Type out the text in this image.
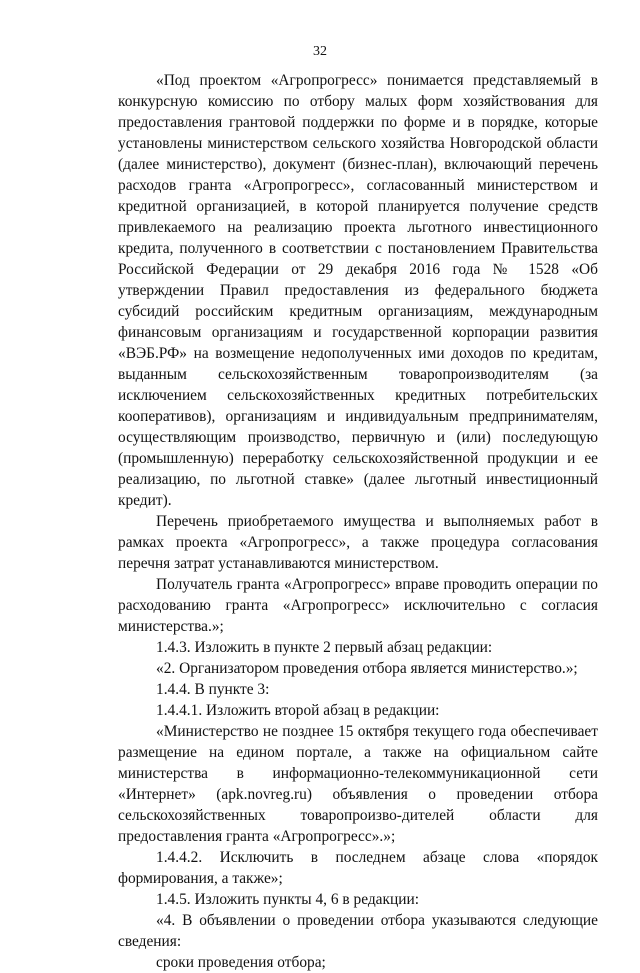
32

«Под проектом «Агропрогресс» понимается представляемый в конкурсную комиссию по отбору малых форм хозяйствования для предоставления грантовой поддержки по форме и в порядке, которые установлены министерством сельского хозяйства Новгородской области (далее министерство), документ (бизнес-план), включающий перечень расходов гранта «Агропрогресс», согласованный министерством и кредитной организацией, в которой планируется получение средств привлекаемого на реализацию проекта льготного инвестиционного кредита, полученного в соответствии с постановлением Правительства Российской Федерации от 29 декабря 2016 года № 1528 «Об утверждении Правил предоставления из федерального бюджета субсидий российским кредитным организациям, международным финансовым организациям и государственной корпорации развития «ВЭБ.РФ» на возмещение недополученных ими доходов по кредитам, выданным сельскохозяйственным товаропроизводителям (за исключением сельскохозяйственных кредитных потребительских кооперативов), организациям и индивидуальным предпринимателям, осуществляющим производство, первичную и (или) последующую (промышленную) переработку сельскохозяйственной продукции и ее реализацию, по льготной ставке» (далее льготный инвестиционный кредит).

Перечень приобретаемого имущества и выполняемых работ в рамках проекта «Агропрогресс», а также процедура согласования перечня затрат устанавливаются министерством.

Получатель гранта «Агропрогресс» вправе проводить операции по расходованию гранта «Агропрогресс» исключительно с согласия министерства.»;

1.4.3. Изложить в пункте 2 первый абзац редакции:

«2. Организатором проведения отбора является министерство.»;

1.4.4. В пункте 3:

1.4.4.1. Изложить второй абзац в редакции:

«Министерство не позднее 15 октября текущего года обеспечивает размещение на едином портале, а также на официальном сайте министерства в информационно-телекоммуникационной сети «Интернет» (apk.novreg.ru) объявления о проведении отбора сельскохозяйственных товаропроизво-дителей области для предоставления гранта «Агропрогресс».»;

1.4.4.2. Исключить в последнем абзаце слова «порядок формирования, а также»;

1.4.5. Изложить пункты 4, 6 в редакции:

«4. В объявлении о проведении отбора указываются следующие сведения:

сроки проведения отбора;
